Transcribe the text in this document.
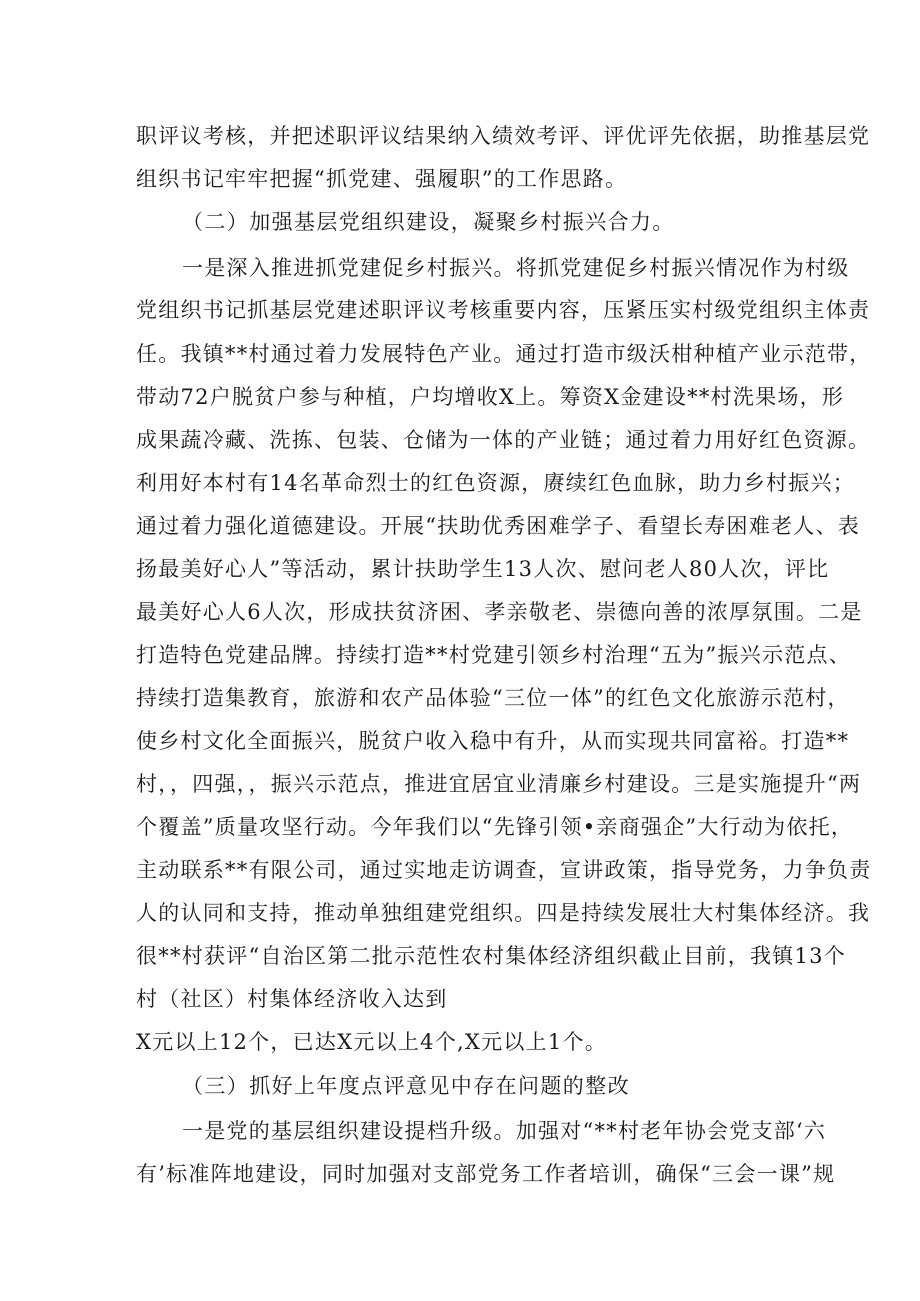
职评议考核，并把述职评议结果纳入绩效考评、评优评先依据，助推基层党
组织书记牢牢把握“抓党建、强履职”的工作思路。
（二）加强基层党组织建设，凝聚乡村振兴合力。
一是深入推进抓党建促乡村振兴。将抓党建促乡村振兴情况作为村级
党组织书记抓基层党建述职评议考核重要内容，压紧压实村级党组织主体责
任。我镇**村通过着力发展特色产业。通过打造市级沃柑种植产业示范带，
带动72户脱贫户参与种植，户均增收X上。筹资X金建设**村洗果场，形
成果蔬冷藏、洗拣、包装、仓储为一体的产业链；通过着力用好红色资源。
利用好本村有14名革命烈士的红色资源，赓续红色血脉，助力乡村振兴；
通过着力强化道德建设。开展“扶助优秀困难学子、看望长寿困难老人、表
扬最美好心人”等活动，累计扶助学生13人次、慰问老人80人次，评比
最美好心人6人次，形成扶贫济困、孝亲敬老、崇德向善的浓厚氛围。二是
打造特色党建品牌。持续打造**村党建引领乡村治理“五为”振兴示范点、
持续打造集教育，旅游和农产品体验“三位一体”的红色文化旅游示范村，
使乡村文化全面振兴，脱贫户收入稳中有升，从而实现共同富裕。打造**
村，，四强，，振兴示范点，推进宜居宜业清廉乡村建设。三是实施提升“两
个覆盖”质量攻坚行动。今年我们以“先锋引领•亲商强企”大行动为依托，
主动联系**有限公司，通过实地走访调查，宣讲政策，指导党务，力争负责
人的认同和支持，推动单独组建党组织。四是持续发展壮大村集体经济。我
很**村获评“自治区第二批示范性农村集体经济组织截止目前，我镇13个
村（社区）村集体经济收入达到
X元以上12个，已达X元以上4个,X元以上1个。
（三）抓好上年度点评意见中存在问题的整改
一是党的基层组织建设提档升级。加强对“**村老年协会党支部‘六
有’标准阵地建设，同时加强对支部党务工作者培训，确保“三会一课”规
